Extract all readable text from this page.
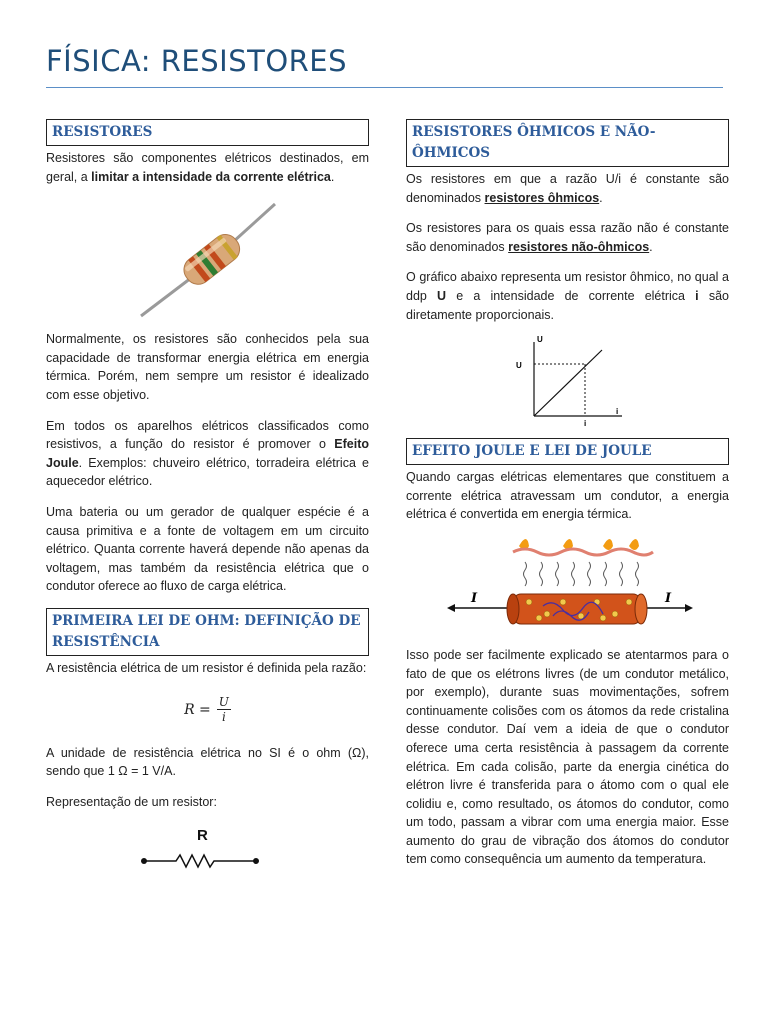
FÍSICA: RESISTORES
RESISTORES

Resistores são componentes elétricos destinados, em geral, a limitar a intensidade da corrente elétrica.

Normalmente, os resistores são conhecidos pela sua capacidade de transformar energia elétrica em energia térmica. Porém, nem sempre um resistor é idealizado com esse objetivo.

Em todos os aparelhos elétricos classificados como resistivos, a função do resistor é promover o Efeito Joule. Exemplos: chuveiro elétrico, torradeira elétrica e aquecedor elétrico.

Uma bateria ou um gerador de qualquer espécie é a causa primitiva e a fonte de voltagem em um circuito elétrico. Quanta corrente haverá depende não apenas da voltagem, mas também da resistência elétrica que o condutor oferece ao fluxo de carga elétrica.

PRIMEIRA LEI DE OHM: DEFINIÇÃO DE RESISTÊNCIA

A resistência elétrica de um resistor é definida pela razão:

$R = \frac{U}{i}$

A unidade de resistência elétrica no SI é o ohm (Ω), sendo que 1 Ω = 1 V/A.

Representação de um resistor:

R
RESISTORES ÔHMICOS E NÃO-ÔHMICOS

Os resistores em que a razão U/i é constante são denominados resistores ôhmicos.

Os resistores para os quais essa razão não é constante são denominados resistores não-ôhmicos.

O gráfico abaixo representa um resistor ôhmico, no qual a ddp U e a intensidade de corrente elétrica i são diretamente proporcionais.

U
U
i
i
EFEITO JOULE E LEI DE JOULE

Quando cargas elétricas elementares que constituem a corrente elétrica atravessam um condutor, a energia elétrica é convertida em energia térmica.

I	I

Isso pode ser facilmente explicado se atentarmos para o fato de que os elétrons livres (de um condutor metálico, por exemplo), durante suas movimentações, sofrem continuamente colisões com os átomos da rede cristalina desse condutor. Daí vem a ideia de que o condutor oferece uma certa resistência à passagem da corrente elétrica. Em cada colisão, parte da energia cinética do elétron livre é transferida para o átomo com o qual ele colidiu e, como resultado, os átomos do condutor, como um todo, passam a vibrar com uma energia maior. Esse aumento do grau de vibração dos átomos do condutor tem como consequência um aumento da temperatura.
